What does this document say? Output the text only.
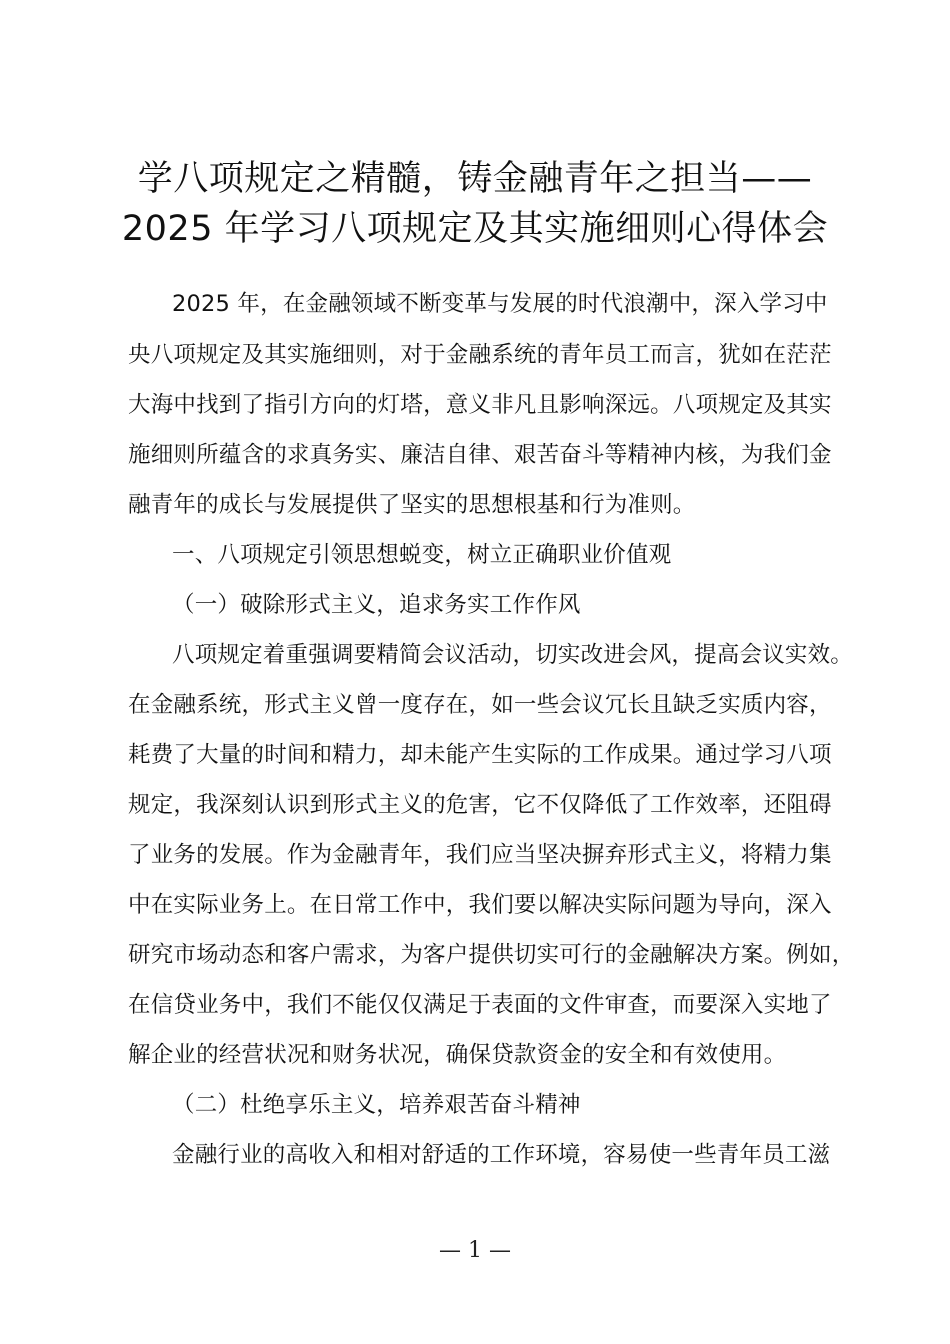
学八项规定之精髓，铸金融青年之担当——
2025 年学习八项规定及其实施细则心得体会
2025 年，在金融领域不断变革与发展的时代浪潮中，深入学习中
央八项规定及其实施细则，对于金融系统的青年员工而言，犹如在茫茫
大海中找到了指引方向的灯塔，意义非凡且影响深远。八项规定及其实
施细则所蕴含的求真务实、廉洁自律、艰苦奋斗等精神内核，为我们金
融青年的成长与发展提供了坚实的思想根基和行为准则。
一、八项规定引领思想蜕变，树立正确职业价值观
（一）破除形式主义，追求务实工作作风
八项规定着重强调要精简会议活动，切实改进会风，提高会议实效。
在金融系统，形式主义曾一度存在，如一些会议冗长且缺乏实质内容，
耗费了大量的时间和精力，却未能产生实际的工作成果。通过学习八项
规定，我深刻认识到形式主义的危害，它不仅降低了工作效率，还阻碍
了业务的发展。作为金融青年，我们应当坚决摒弃形式主义，将精力集
中在实际业务上。在日常工作中，我们要以解决实际问题为导向，深入
研究市场动态和客户需求，为客户提供切实可行的金融解决方案。例如，
在信贷业务中，我们不能仅仅满足于表面的文件审查，而要深入实地了
解企业的经营状况和财务状况，确保贷款资金的安全和有效使用。
（二）杜绝享乐主义，培养艰苦奋斗精神
金融行业的高收入和相对舒适的工作环境，容易使一些青年员工滋
— 1 —
